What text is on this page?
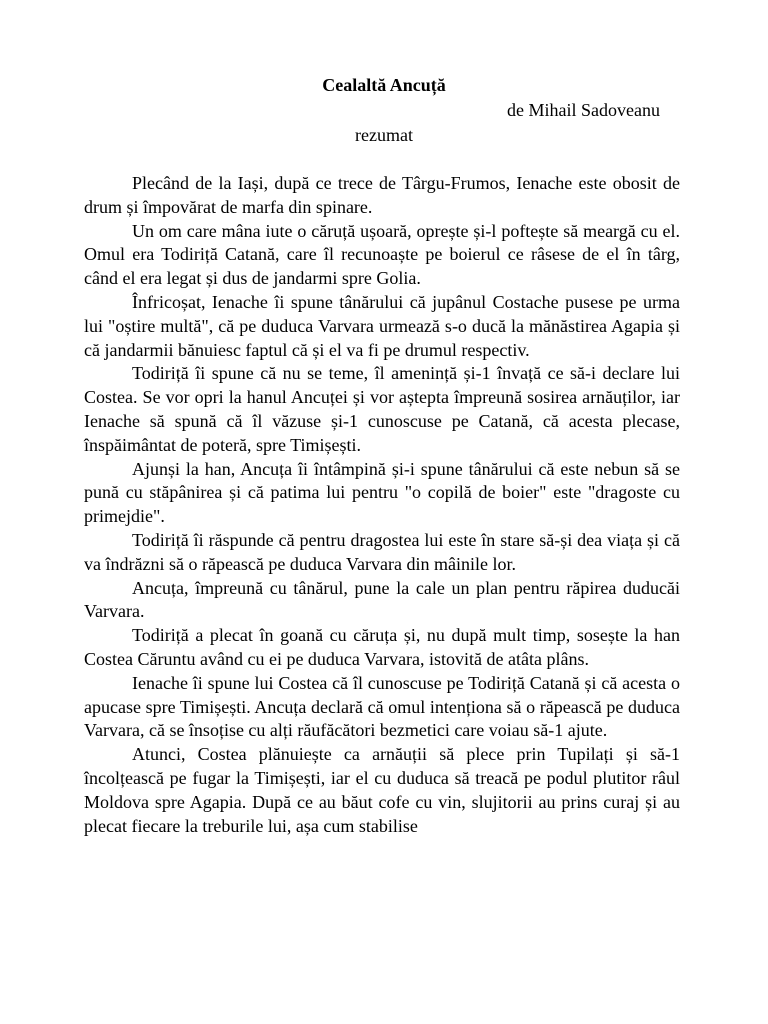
Cealaltă Ancuță
de Mihail Sadoveanu
rezumat

Plecând de la Iași, după ce trece de Târgu-Frumos, Ienache este obosit de drum și împovărat de marfa din spinare.

Un om care mâna iute o căruță ușoară, oprește și-l poftește să meargă cu el. Omul era Todiriță Catană, care îl recunoaște pe boierul ce râsese de el în târg, când el era legat și dus de jandarmi spre Golia.

Înfricoșat, Ienache îi spune tânărului că jupânul Costache pusese pe urma lui "oștire multă", că pe duduca Varvara urmează s-o ducă la mănăstirea Agapia și că jandarmii bănuiesc faptul că și el va fi pe drumul respectiv.

Todiriță îi spune că nu se teme, îl amenință și-1 învață ce să-i declare lui Costea. Se vor opri la hanul Ancuței și vor aștepta împreună sosirea arnăuților, iar Ienache să spună că îl văzuse și-1 cunoscuse pe Catană, că acesta plecase, înspăimântat de poteră, spre Timișești.

Ajunși la han, Ancuța îi întâmpină și-i spune tânărului că este nebun să se pună cu stăpânirea și că patima lui pentru "o copilă de boier" este "dragoste cu primejdie".

Todiriță îi răspunde că pentru dragostea lui este în stare să-și dea viața și că va îndrăzni să o răpească pe duduca Varvara din mâinile lor.

Ancuța, împreună cu tânărul, pune la cale un plan pentru răpirea duducăi Varvara.

Todiriță a plecat în goană cu căruța și, nu după mult timp, sosește la han Costea Căruntu având cu ei pe duduca Varvara, istovită de atâta plâns.

Ienache îi spune lui Costea că îl cunoscuse pe Todiriță Catană și că acesta o apucase spre Timișești. Ancuța declară că omul intenționa să o răpească pe duduca Varvara, că se însoțise cu alți răufăcători bezmetici care voiau să-1 ajute.

Atunci, Costea plănuiește ca arnăuții să plece prin Tupilați și să-1 încolțească pe fugar la Timișești, iar el cu duduca să treacă pe podul plutitor râul Moldova spre Agapia. După ce au băut cofe cu vin, slujitorii au prins curaj și au plecat fiecare la treburile lui, așa cum stabilise
